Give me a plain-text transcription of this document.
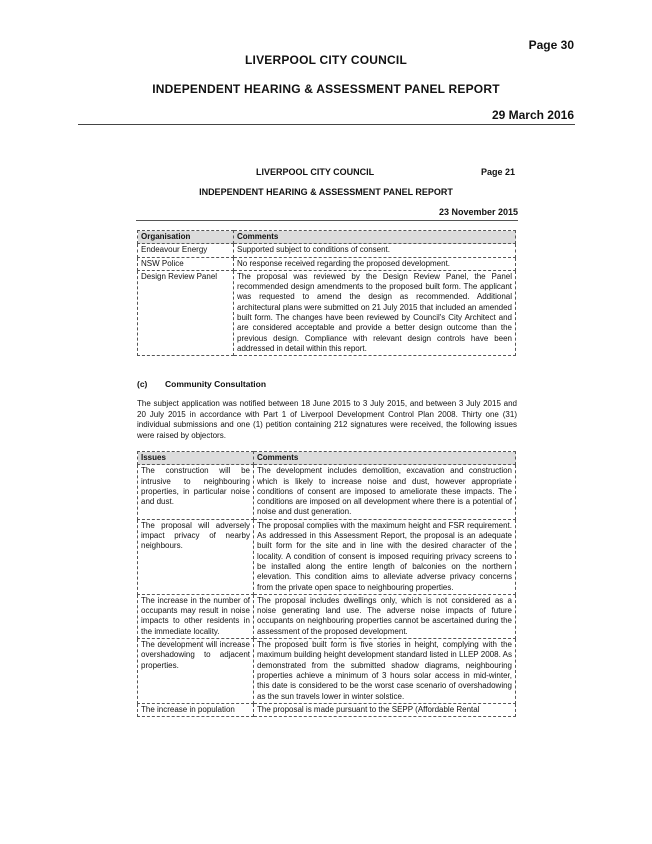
Page 30
LIVERPOOL CITY COUNCIL
INDEPENDENT HEARING & ASSESSMENT PANEL REPORT
29 March 2016
LIVERPOOL CITY COUNCIL	Page 21
INDEPENDENT HEARING & ASSESSMENT PANEL REPORT
23 November 2015
Organisation	Comments
Endeavour Energy	Supported subject to conditions of consent.
NSW Police	No response received regarding the proposed development.
Design Review Panel	The proposal was reviewed by the Design Review Panel, the Panel recommended design amendments to the proposed built form. The applicant was requested to amend the design as recommended. Additional architectural plans were submitted on 21 July 2015 that included an amended built form. The changes have been reviewed by Council's City Architect and are considered acceptable and provide a better design outcome than the previous design. Compliance with relevant design controls have been addressed in detail within this report.
(c) Community Consultation
The subject application was notified between 18 June 2015 to 3 July 2015, and between 3 July 2015 and 20 July 2015 in accordance with Part 1 of Liverpool Development Control Plan 2008. Thirty one (31) individual submissions and one (1) petition containing 212 signatures were received, the following issues were raised by objectors.
Issues	Comments
The construction will be intrusive to neighbouring properties, in particular noise and dust.	The development includes demolition, excavation and construction which is likely to increase noise and dust, however appropriate conditions of consent are imposed to ameliorate these impacts. The conditions are imposed on all development where there is a potential of noise and dust generation.
The proposal will adversely impact privacy of nearby neighbours.	The proposal complies with the maximum height and FSR requirement. As addressed in this Assessment Report, the proposal is an adequate built form for the site and in line with the desired character of the locality. A condition of consent is imposed requiring privacy screens to be installed along the entire length of balconies on the northern elevation. This condition aims to alleviate adverse privacy concerns from the private open space to neighbouring properties.
The increase in the number of occupants may result in noise impacts to other residents in the immediate locality.	The proposal includes dwellings only, which is not considered as a noise generating land use. The adverse noise impacts of future occupants on neighbouring properties cannot be ascertained during the assessment of the proposed development.
The development will increase overshadowing to adjacent properties.	The proposed built form is five stories in height, complying with the maximum building height development standard listed in LLEP 2008. As demonstrated from the submitted shadow diagrams, neighbouring properties achieve a minimum of 3 hours solar access in mid-winter, this date is considered to be the worst case scenario of overshadowing as the sun travels lower in winter solstice.
The increase in population	The proposal is made pursuant to the SEPP (Affordable Rental
